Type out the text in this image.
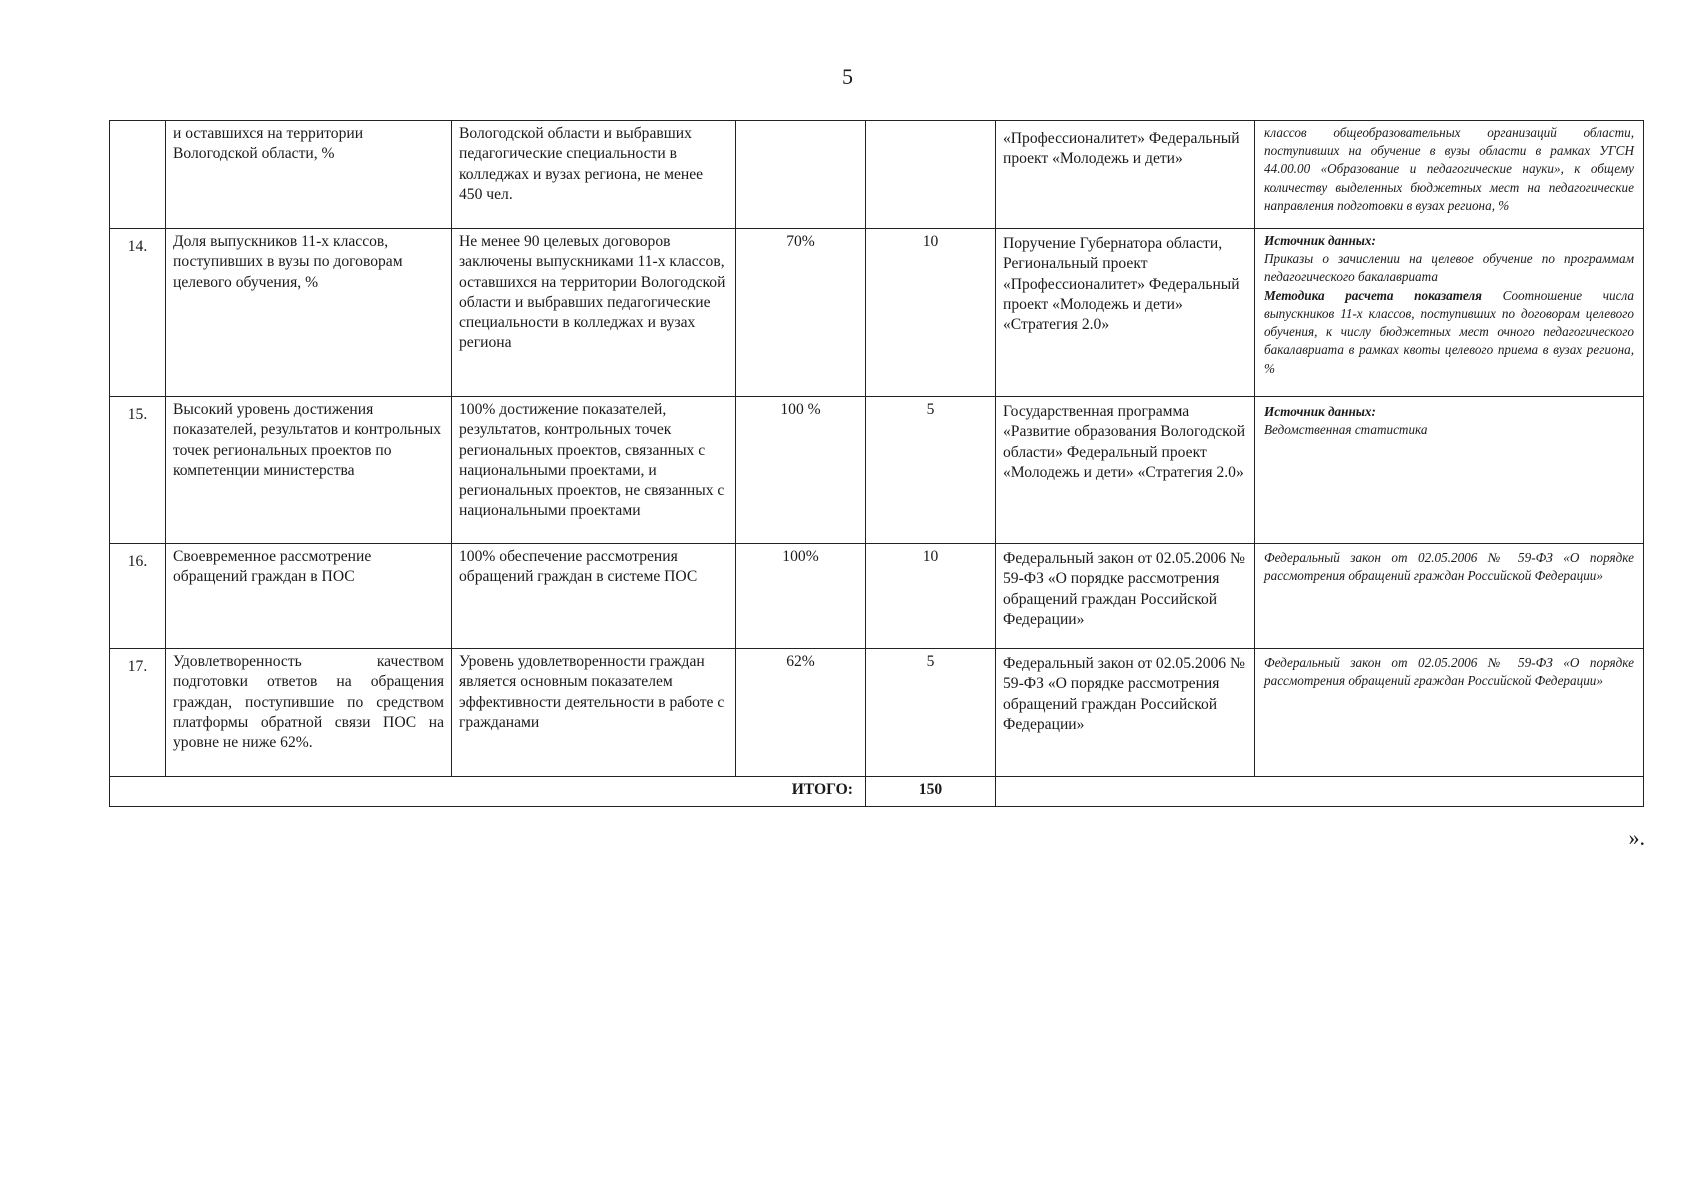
5
	и оставшихся на территории Вологодской области, %	Вологодской области и выбравших педагогические специальности в колледжах и вузах региона, не менее 450 чел.			«Профессионалитет» Федеральный проект «Молодежь и дети»	классов общеобразовательных организаций области, поступивших на обучение в вузы области в рамках УГСН 44.00.00 «Образование и педагогические науки», к общему количеству выделенных бюджетных мест на педагогические направления подготовки в вузах региона, %
14.	Доля выпускников 11-х классов, поступивших в вузы по договорам целевого обучения, %	Не менее 90 целевых договоров заключены выпускниками 11-х классов, оставшихся на территории Вологодской области и выбравших педагогические специальности в колледжах и вузах региона	70%	10	Поручение Губернатора области, Региональный проект «Профессионалитет» Федеральный проект «Молодежь и дети» «Стратегия 2.0»	Источник данных:
Приказы о зачислении на целевое обучение по программам педагогического бакалавриата
Методика расчета показателя Соотношение числа выпускников 11-х классов, поступивших по договорам целевого обучения, к числу бюджетных мест очного педагогического бакалавриата в рамках квоты целевого приема в вузах региона, %
15.	Высокий уровень достижения показателей, результатов и контрольных точек региональных проектов по компетенции министерства	100% достижение показателей, результатов, контрольных точек региональных проектов, связанных с национальными проектами, и региональных проектов, не связанных с национальными проектами	100 %	5	Государственная программа «Развитие образования Вологодской области» Федеральный проект «Молодежь и дети» «Стратегия 2.0»	Источник данных:
Ведомственная статистика
16.	Своевременное рассмотрение обращений граждан в ПОС	100% обеспечение рассмотрения обращений граждан в системе ПОС	100%	10	Федеральный закон от 02.05.2006 № 59-ФЗ «О порядке рассмотрения обращений граждан Российской Федерации»	Федеральный закон от 02.05.2006 № 59-ФЗ «О порядке рассмотрения обращений граждан Российской Федерации»
17.	Удовлетворенность качеством подготовки ответов на обращения граждан, поступившие по средством платформы обратной связи ПОС на уровне не ниже 62%.	Уровень удовлетворенности граждан является основным показателем эффективности деятельности в работе с гражданами	62%	5	Федеральный закон от 02.05.2006 № 59-ФЗ «О порядке рассмотрения обращений граждан Российской Федерации»	Федеральный закон от 02.05.2006 № 59-ФЗ «О порядке рассмотрения обращений граждан Российской Федерации»
ИТОГО:				150		
».
